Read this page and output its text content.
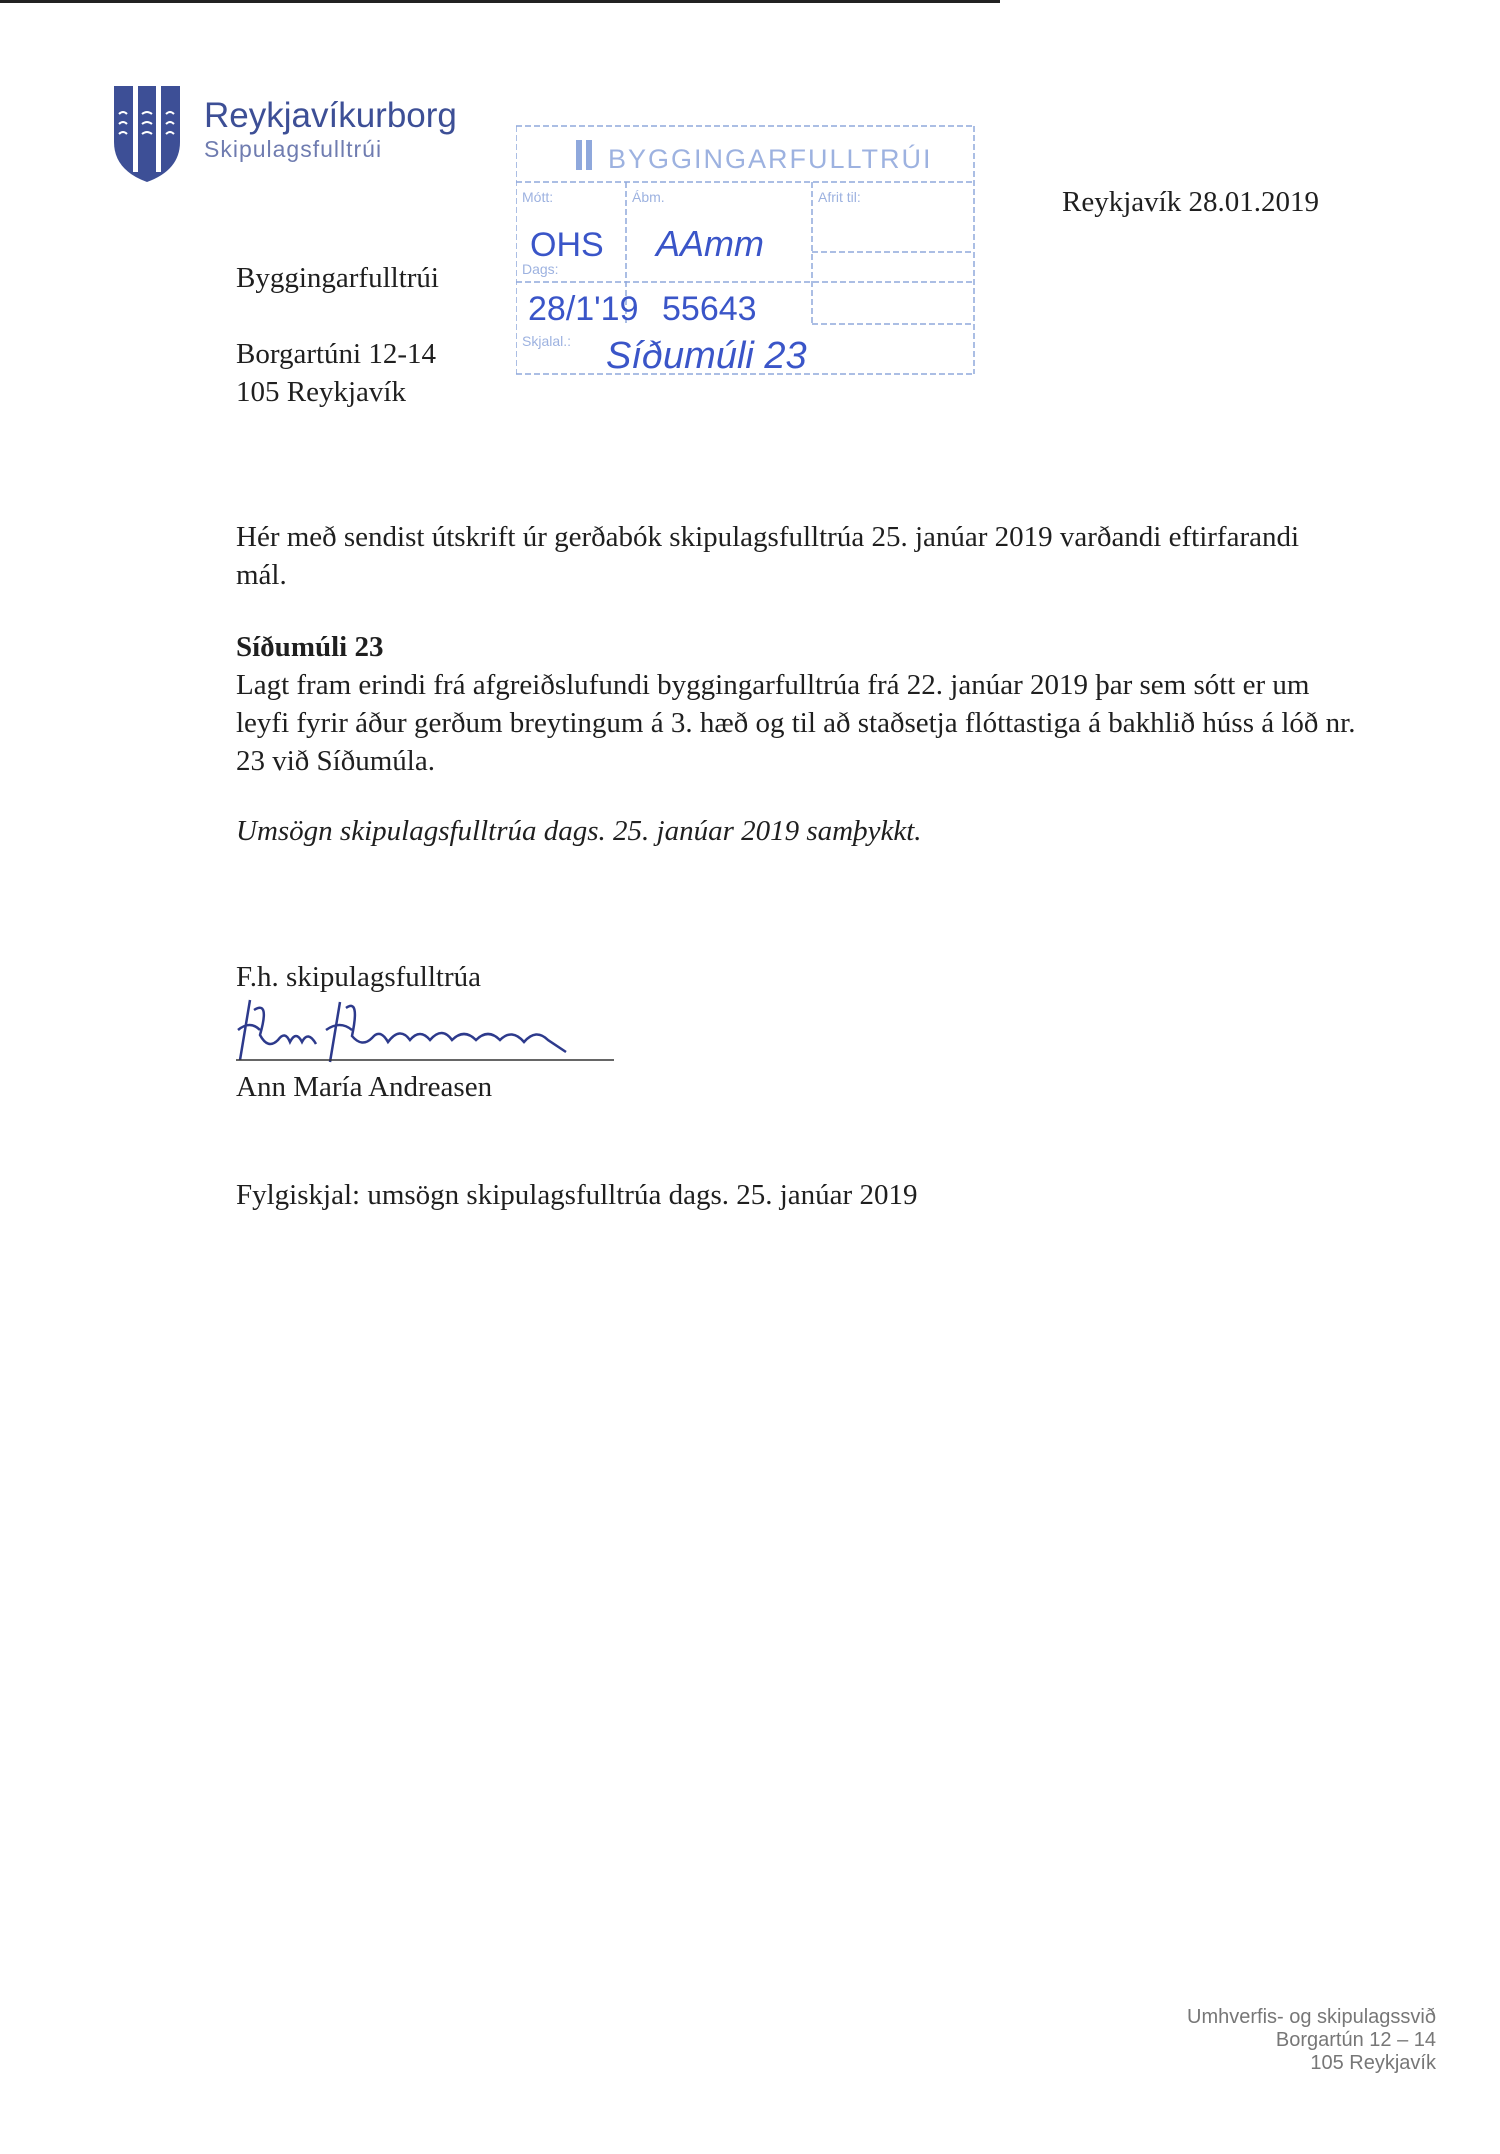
Reykjavíkurborg
Skipulagsfulltrúi
Byggingarfulltrúi
Borgartúni 12-14
105 Reykjavík
Reykjavík 28.01.2019
BYGGINGARFULLTRÚI
Mótt:	Ábm.	Afrit til:
Dags:
Skjalal.:
OHS AAmm
28/1'19 55643
Síðumúli 23
Hér með sendist útskrift úr gerðabók skipulagsfulltrúa 25. janúar 2019 varðandi eftirfarandi mál.
Síðumúli 23
Lagt fram erindi frá afgreiðslufundi byggingarfulltrúa frá 22. janúar 2019 þar sem sótt er um leyfi fyrir áður gerðum breytingum á 3. hæð og til að staðsetja flóttastiga á bakhlið húss á lóð nr. 23 við Síðumúla.
Umsögn skipulagsfulltrúa dags. 25. janúar 2019 samþykkt.
F.h. skipulagsfulltrúa
Ann María Andreasen
Fylgiskjal: umsögn skipulagsfulltrúa dags. 25. janúar 2019
Umhverfis- og skipulagssvið
Borgartún 12 – 14
105 Reykjavík
